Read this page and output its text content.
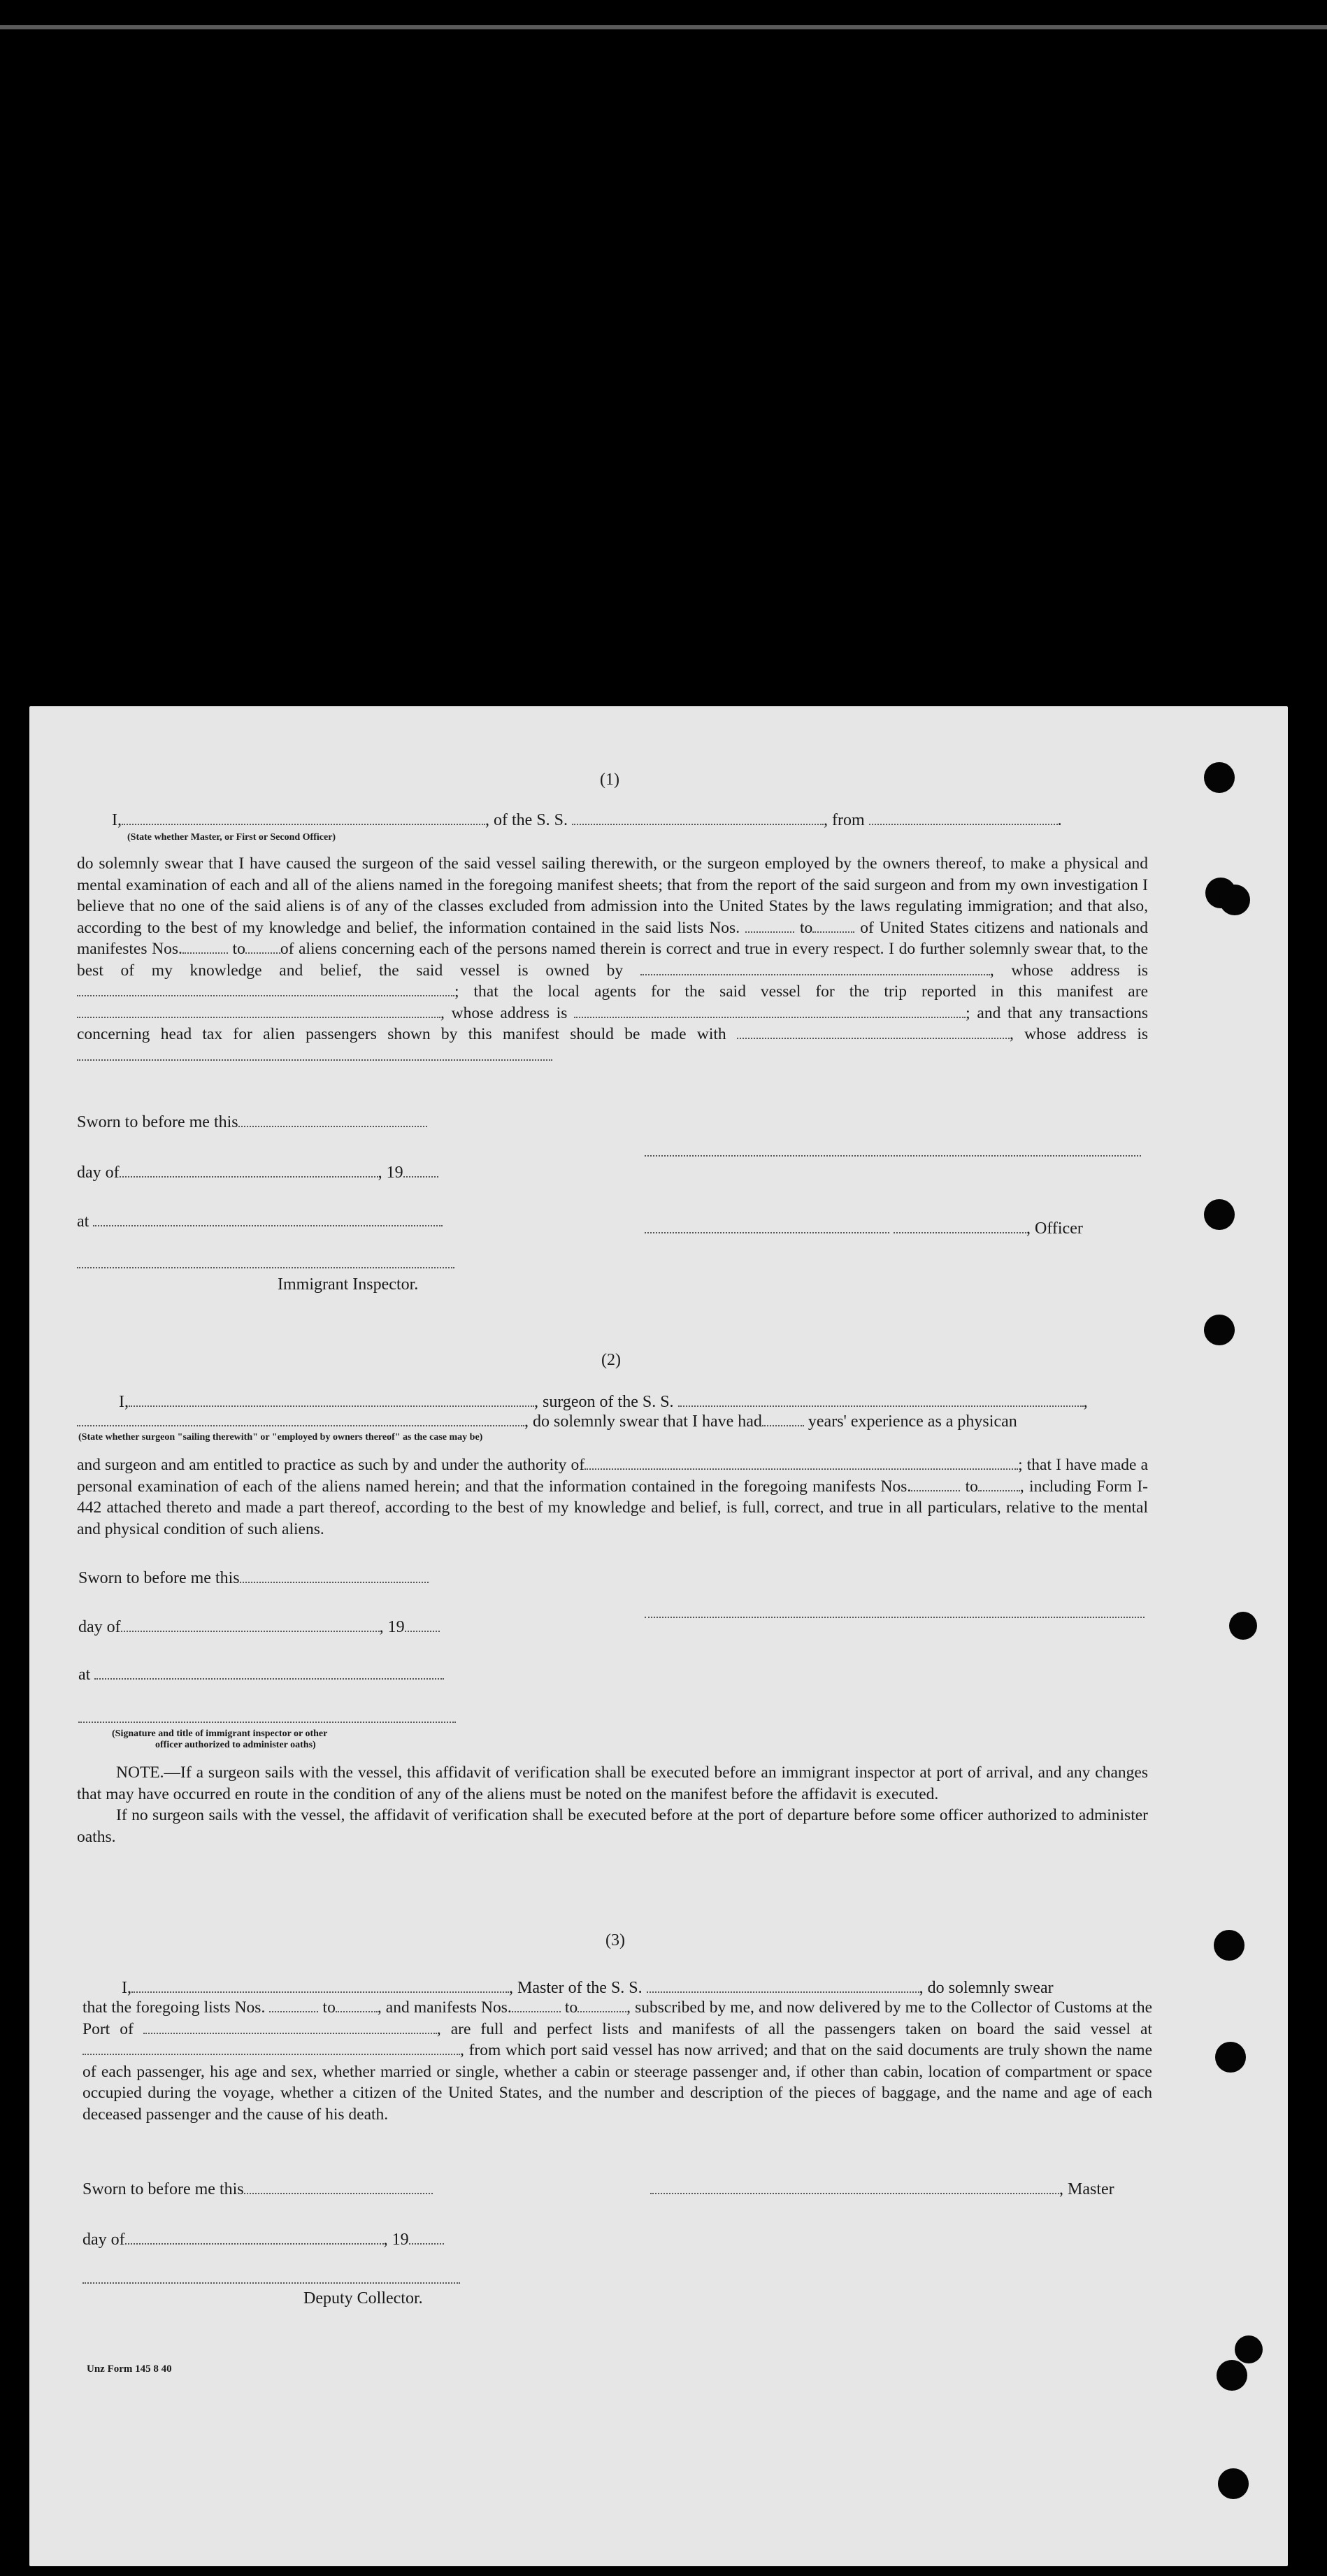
(1)
I,	, of the S. S.	, from	.
(State whether Master, or First or Second Officer)

do solemnly swear that I have caused the surgeon of the said vessel sailing therewith, or the surgeon employed by the owners thereof, to make a physical and mental examination of each and all of the aliens named in the foregoing manifest sheets; that from the report of the said surgeon and from my own investigation I believe that no one of the said aliens is of any of the classes excluded from admission into the United States by the laws regulating immigration; and that also, according to the best of my knowledge and belief, the information contained in the said lists Nos.	to	of United States citizens and nationals and manifestes Nos.	to of aliens concerning each of the persons named therein is correct and true in every respect. I do further solemnly swear that, to the best of my knowledge and belief, the said vessel is owned by	, whose address is ; that the local agents for the said vessel for the trip reported in this manifest are , whose address is	; and that any transactions concerning head tax for alien passengers shown by this manifest should be made with	, whose address is

Sworn to before me this
day of	, 19
at	, Officer
Immigrant Inspector.
(2)
I,	, surgeon of the S. S.	,
, do solemnly swear that I have had	years' experience as a physican
(State whether surgeon "sailing therewith" or "employed by owners thereof" as the case may be)

and surgeon and am entitled to practice as such by and under the authority of	; that I have made a personal examination of each of the aliens named herein; and that the information contained in the foregoing manifests Nos.	to	, including Form I-442 attached thereto and made a part thereof, according to the best of my knowledge and belief, is full, correct, and true in all particulars, relative to the mental and physical condition of such aliens.

Sworn to before me this
day of	, 19
at
(Signature and title of immigrant inspector or other
officer authorized to administer oaths)

NOTE.—If a surgeon sails with the vessel, this affidavit of verification shall be executed before an immigrant inspector at port of arrival, and any changes that may have occurred en route in the condition of any of the aliens must be noted on the manifest before the affidavit is executed.

If no surgeon sails with the vessel, the affidavit of verification shall be executed before at the port of departure before some officer authorized to administer oaths.

(3)
I,	, Master of the S. S.	, do solemnly swear

that the foregoing lists Nos.	to	, and manifests Nos.	to	, subscribed by me, and now delivered by me to the Collector of Customs at the Port of	, are full and perfect lists and manifests of all the passengers taken on board the said vessel at , from which port said vessel has now arrived; and that on the said documents are truly shown the name of each passenger, his age and sex, whether married or single, whether a cabin or steerage passenger and, if other than cabin, location of compartment or space occupied during the voyage, whether a citizen of the United States, and the number and description of the pieces of baggage, and the name and age of each deceased passenger and the cause of his death.

Sworn to before me this	, Master
day of	, 19
Deputy Collector.
Unz Form 145 8 40
